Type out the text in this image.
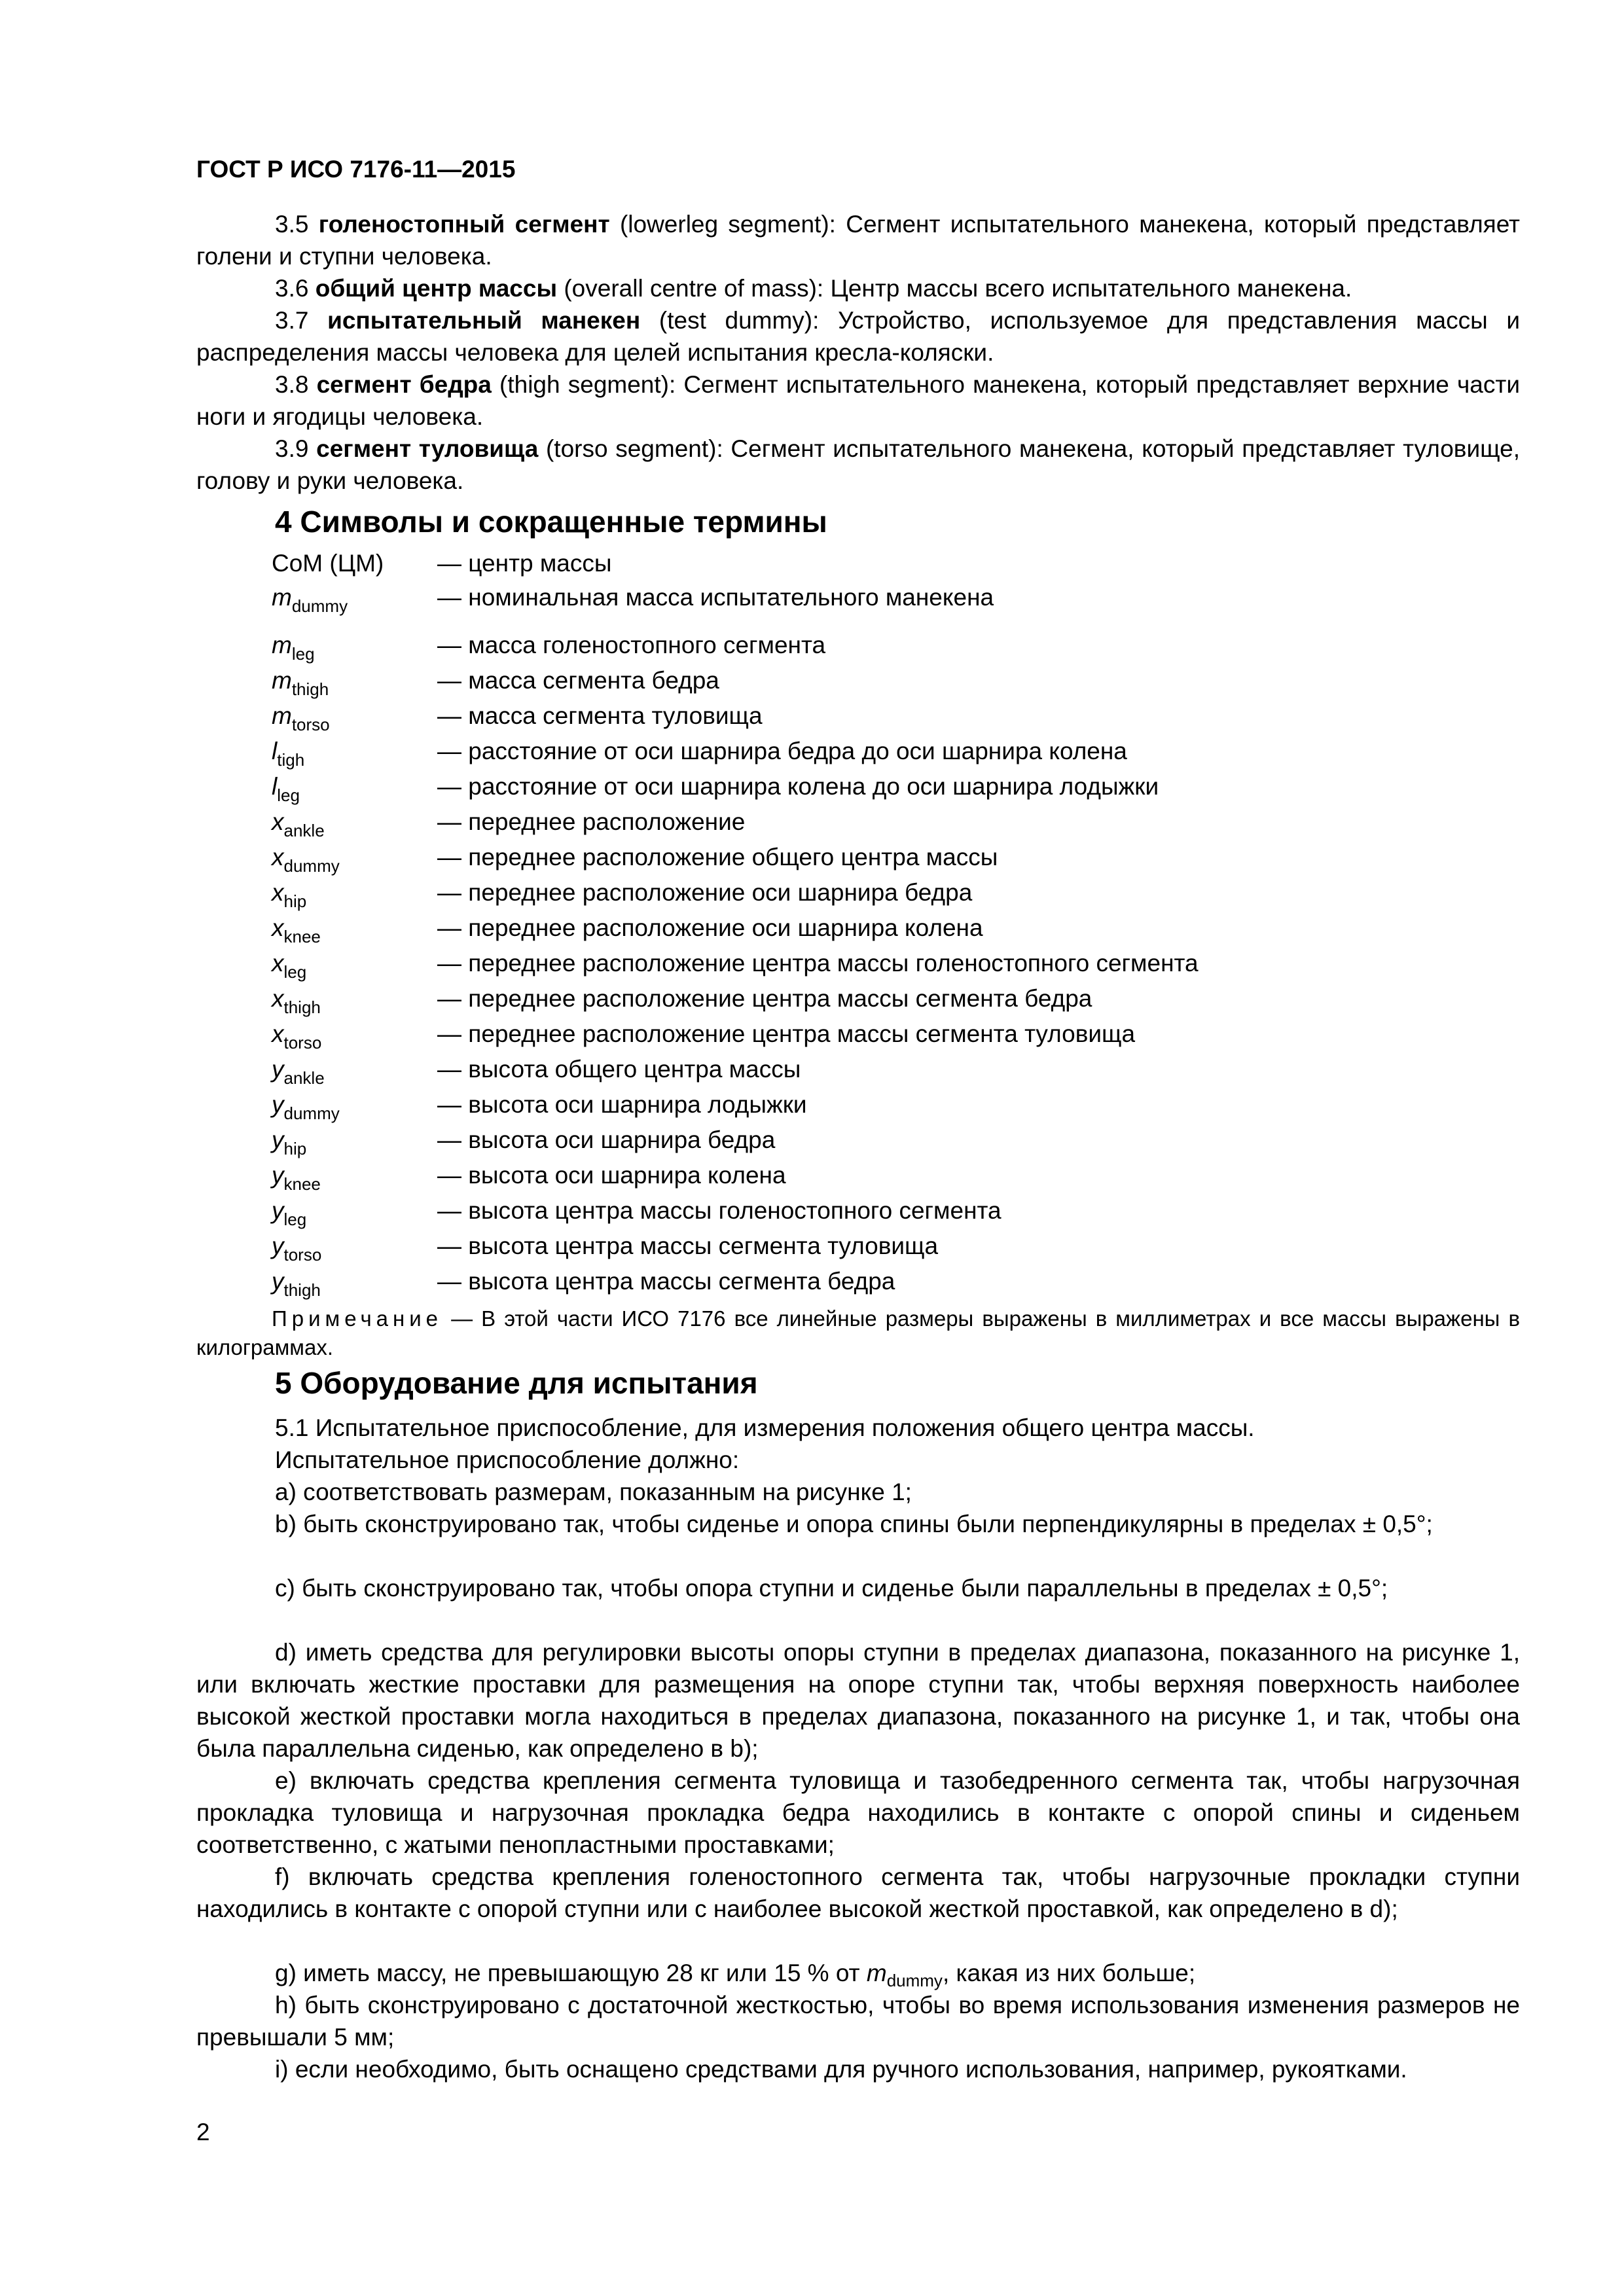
ГОСТ Р ИСО 7176-11—2015
3.5 голеностопный сегмент (lowerleg segment): Сегмент испытательного манекена, который представляет голени и ступни человека.
3.6 общий центр массы (overall centre of mass): Центр массы всего испытательного манекена.
3.7 испытательный манекен (test dummy): Устройство, используемое для представления массы и распределения массы человека для целей испытания кресла-коляски.
3.8 сегмент бедра (thigh segment): Сегмент испытательного манекена, который представляет верхние части ноги и ягодицы человека.
3.9 сегмент туловища (torso segment): Сегмент испытательного манекена, который представляет туловище, голову и руки человека.
4 Символы и сокращенные термины
CoM (ЦМ) — центр массы
$m_{dummy}$	— номинальная масса испытательного манекена
$m_{leg}$	— масса голеностопного сегмента
$m_{thigh}$	— масса сегмента бедра
$m_{torso}$	— масса сегмента туловища
$l_{tigh}$	— расстояние от оси шарнира бедра до оси шарнира колена
$l_{leg}$	— расстояние от оси шарнира колена до оси шарнира лодыжки
$x_{ankle}$	— переднее расположение
$x_{dummy}$	— переднее расположение общего центра массы
$x_{hip}$	— переднее расположение оси шарнира бедра
$x_{knee}$	— переднее расположение оси шарнира колена
$x_{leg}$	— переднее расположение центра массы голеностопного сегмента
$x_{thigh}$	— переднее расположение центра массы сегмента бедра
$x_{torso}$	— переднее расположение центра массы сегмента туловища
$y_{ankle}$	— высота общего центра массы
$y_{dummy}$	— высота оси шарнира лодыжки
$y_{hip}$	— высота оси шарнира бедра
$y_{knee}$	— высота оси шарнира колена
$y_{leg}$	— высота центра массы голеностопного сегмента
$y_{torso}$	— высота центра массы сегмента туловища
$y_{thigh}$	— высота центра массы сегмента бедра
Примечание — В этой части ИСО 7176 все линейные размеры выражены в миллиметрах и все массы выражены в килограммах.
5 Оборудование для испытания
5.1 Испытательное приспособление, для измерения положения общего центра массы.
Испытательное приспособление должно:
a) соответствовать размерам, показанным на рисунке 1;
b) быть сконструировано так, чтобы сиденье и опора спины были перпендикулярны в пределах ± 0,5°;
c) быть сконструировано так, чтобы опора ступни и сиденье были параллельны в пределах ± 0,5°;
d) иметь средства для регулировки высоты опоры ступни в пределах диапазона, показанного на рисунке 1, или включать жесткие проставки для размещения на опоре ступни так, чтобы верхняя поверхность наиболее высокой жесткой проставки могла находиться в пределах диапазона, показанного на рисунке 1, и так, чтобы она была параллельна сиденью, как определено в b);
e) включать средства крепления сегмента туловища и тазобедренного сегмента так, чтобы нагрузочная прокладка туловища и нагрузочная прокладка бедра находились в контакте с опорой спины и сиденьем соответственно, с жатыми пенопластными проставками;
f) включать средства крепления голеностопного сегмента так, чтобы нагрузочные прокладки ступни находились в контакте с опорой ступни или с наиболее высокой жесткой проставкой, как определено в d);
g) иметь массу, не превышающую 28 кг или 15 % от $m_{dummy}$, какая из них больше;
h) быть сконструировано с достаточной жесткостью, чтобы во время использования изменения размеров не превышали 5 мм;
i) если необходимо, быть оснащено средствами для ручного использования, например, рукоятками.
2
